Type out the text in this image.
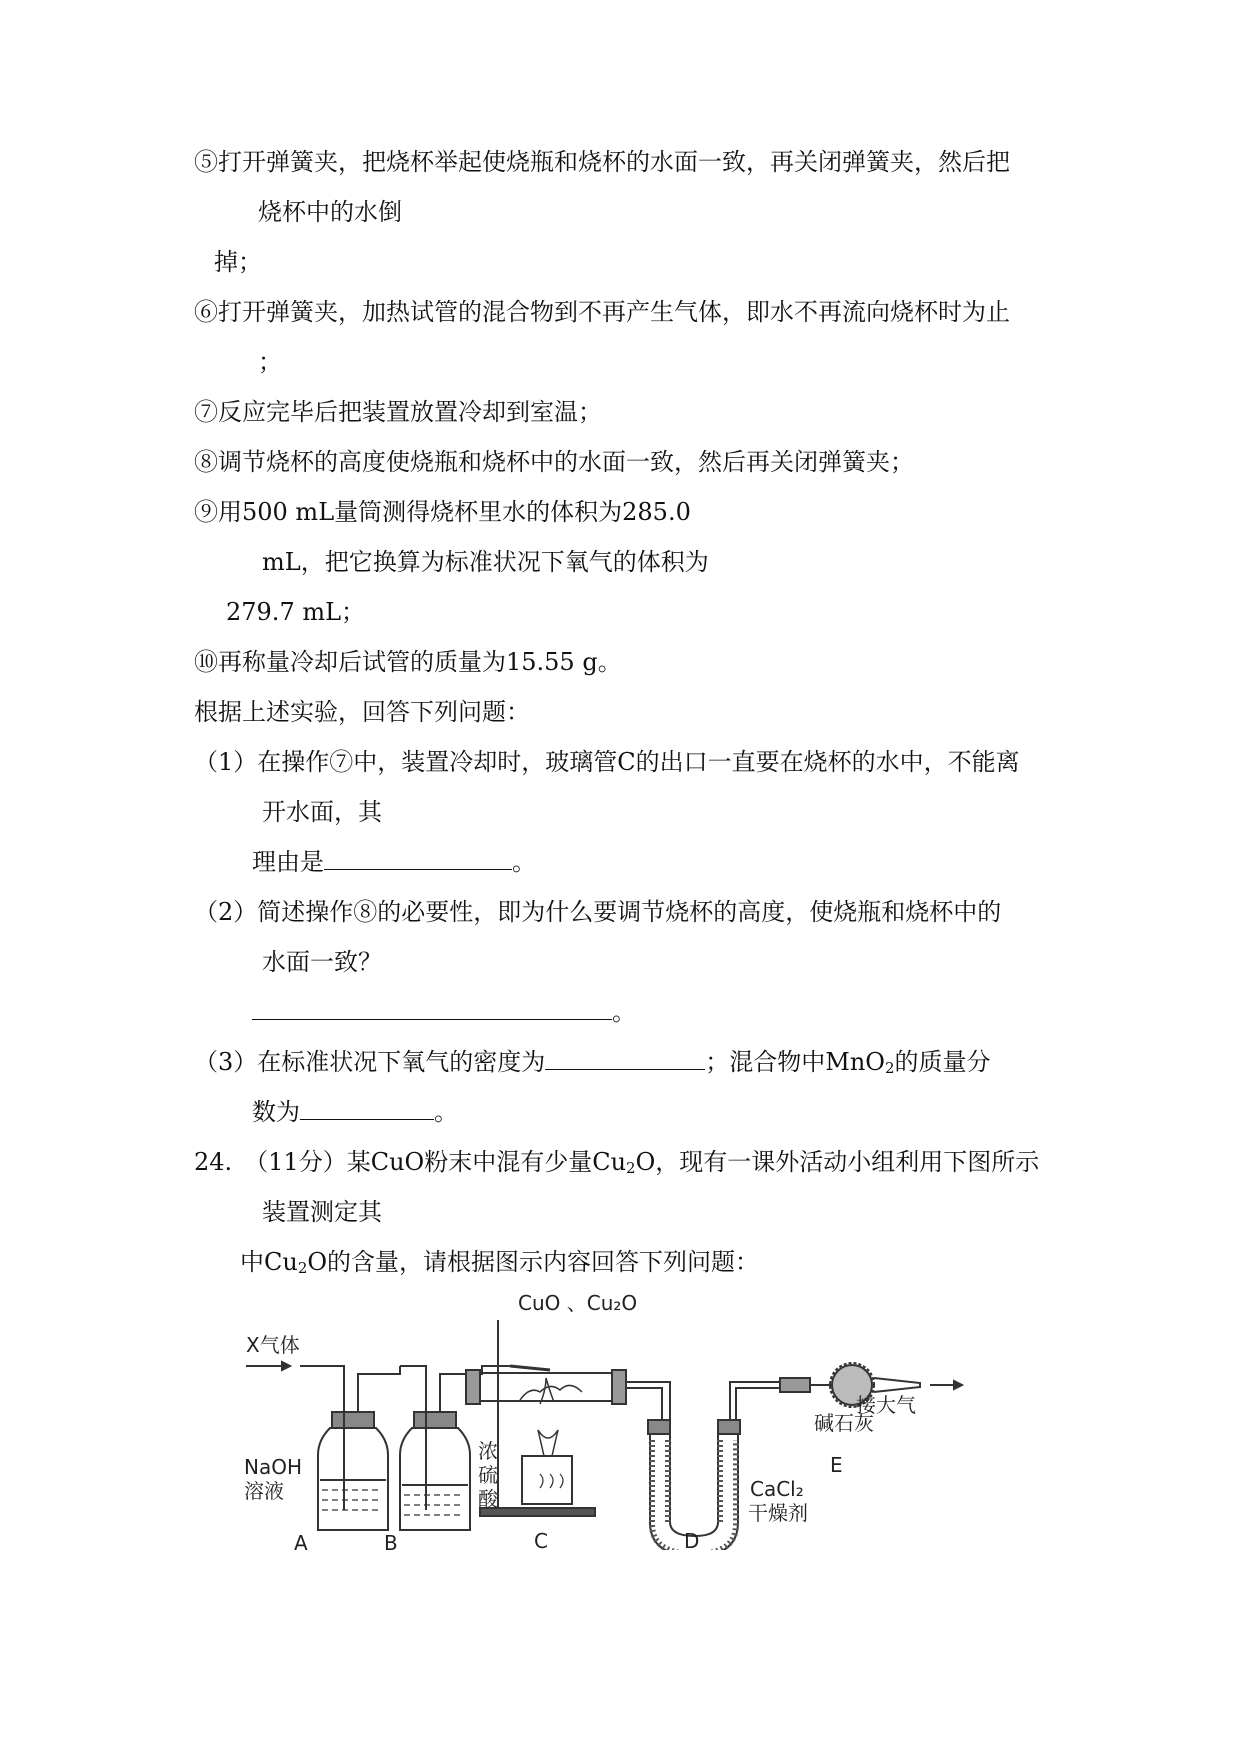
⑤打开弹簧夹，把烧杯举起使烧瓶和烧杯的水面一致，再关闭弹簧夹，然后把
烧杯中的水倒
掉；
⑥打开弹簧夹，加热试管的混合物到不再产生气体，即水不再流向烧杯时为止
；
⑦反应完毕后把装置放置冷却到室温；
⑧调节烧杯的高度使烧瓶和烧杯中的水面一致，然后再关闭弹簧夹；
⑨用500 mL量筒测得烧杯里水的体积为285.0
mL，把它换算为标准状况下氧气的体积为
279.7 mL；
⑩再称量冷却后试管的质量为15.55 g。
根据上述实验，回答下列问题：
（1）在操作⑦中，装置冷却时，玻璃管C的出口一直要在烧杯的水中，不能离
开水面，其
理由是	。
（2）简述操作⑧的必要性，即为什么要调节烧杯的高度，使烧瓶和烧杯中的
水面一致？
。
（3）在标准状况下氧气的密度为	；混合物中MnO$_2$的质量分
数为	。
24.　（11分）某CuO粉末中混有少量$Cu_2O$，现有一课外活动小组利用下图所示
装置测定其
中$Cu_2O$的含量，请根据图示内容回答下列问题：
X气体
NaOH
溶液
浓
硫
酸
CuO 、Cu₂O
CaCl₂
干燥剂
碱石灰
接大气
A	B	C	D
E
